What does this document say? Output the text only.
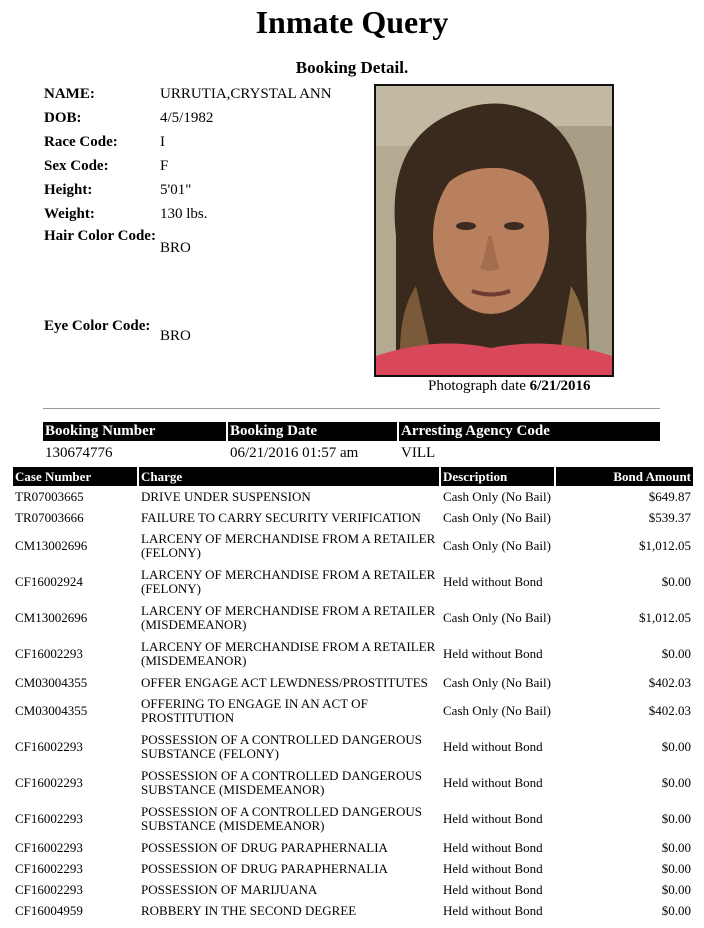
Inmate Query
Booking Detail.
NAME:	URRUTIA,CRYSTAL ANN
DOB:	4/5/1982
Race Code:	I
Sex Code:	F
Height:	5'01"
Weight:	130 lbs.
Hair Color Code:	BRO

Eye Color Code:	BRO
Photograph date 6/21/2016
Booking Number	Booking Date	Arresting Agency Code
130674776	06/21/2016 01:57 am	VILL
Case Number	Charge	Description	Bond Amount
TR07003665	DRIVE UNDER SUSPENSION	Cash Only (No Bail)	$649.87
TR07003666	FAILURE TO CARRY SECURITY VERIFICATION	Cash Only (No Bail)	$539.37
CM13002696	LARCENY OF MERCHANDISE FROM A RETAILER (FELONY)	Cash Only (No Bail)	$1,012.05
CF16002924	LARCENY OF MERCHANDISE FROM A RETAILER (FELONY)	Held without Bond	$0.00
CM13002696	LARCENY OF MERCHANDISE FROM A RETAILER (MISDEMEANOR)	Cash Only (No Bail)	$1,012.05
CF16002293	LARCENY OF MERCHANDISE FROM A RETAILER (MISDEMEANOR)	Held without Bond	$0.00
CM03004355	OFFER ENGAGE ACT LEWDNESS/PROSTITUTES	Cash Only (No Bail)	$402.03
CM03004355	OFFERING TO ENGAGE IN AN ACT OF PROSTITUTION	Cash Only (No Bail)	$402.03
CF16002293	POSSESSION OF A CONTROLLED DANGEROUS SUBSTANCE (FELONY)	Held without Bond	$0.00
CF16002293	POSSESSION OF A CONTROLLED DANGEROUS SUBSTANCE (MISDEMEANOR)	Held without Bond	$0.00
CF16002293	POSSESSION OF A CONTROLLED DANGEROUS SUBSTANCE (MISDEMEANOR)	Held without Bond	$0.00
CF16002293	POSSESSION OF DRUG PARAPHERNALIA	Held without Bond	$0.00
CF16002293	POSSESSION OF DRUG PARAPHERNALIA	Held without Bond	$0.00
CF16002293	POSSESSION OF MARIJUANA	Held without Bond	$0.00
CF16004959	ROBBERY IN THE SECOND DEGREE	Held without Bond	$0.00
